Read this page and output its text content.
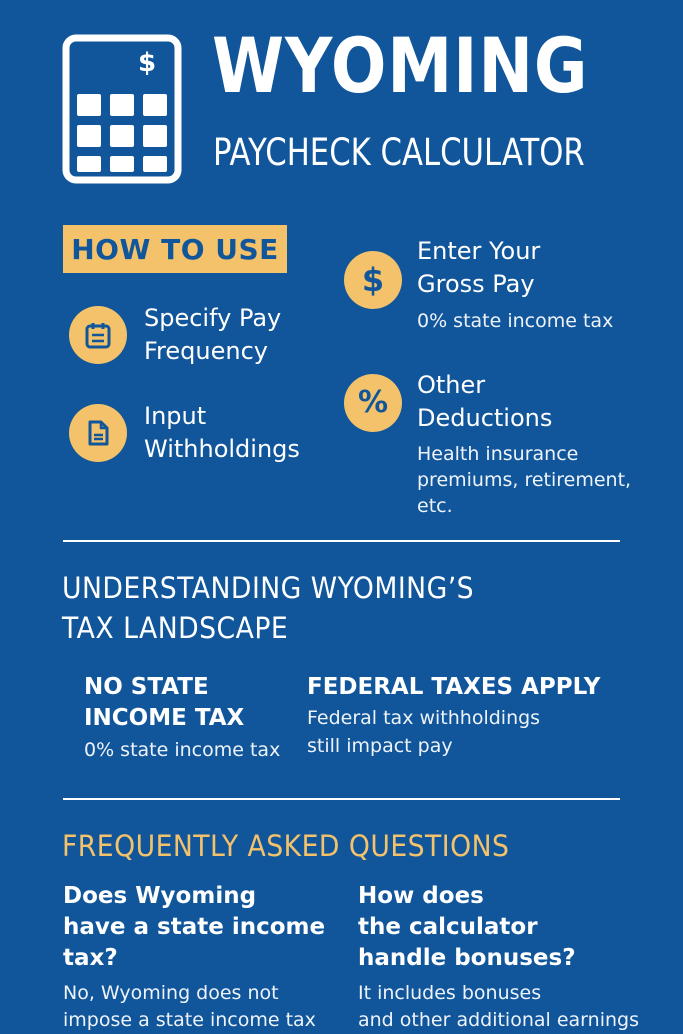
$ WYOMING
PAYCHECK CALCULATOR
HOW TO USE
Specify Pay
Frequency
Input
Withholdings
$
Enter Your
Gross Pay
0% state income tax
% Other
Deductions
Health insurance
premiums, retirement,
etc.
UNDERSTANDING WYOMING’S
TAX LANDSCAPE
NO STATE
INCOME TAX
0% state income tax
FEDERAL TAXES APPLY
Federal tax withholdings
still impact pay
FREQUENTLY ASKED QUESTIONS
Does Wyoming
have a state income
tax?
No, Wyoming does not
impose a state income tax
How does
the calculator
handle bonuses?
It includes bonuses
and other additional earnings
